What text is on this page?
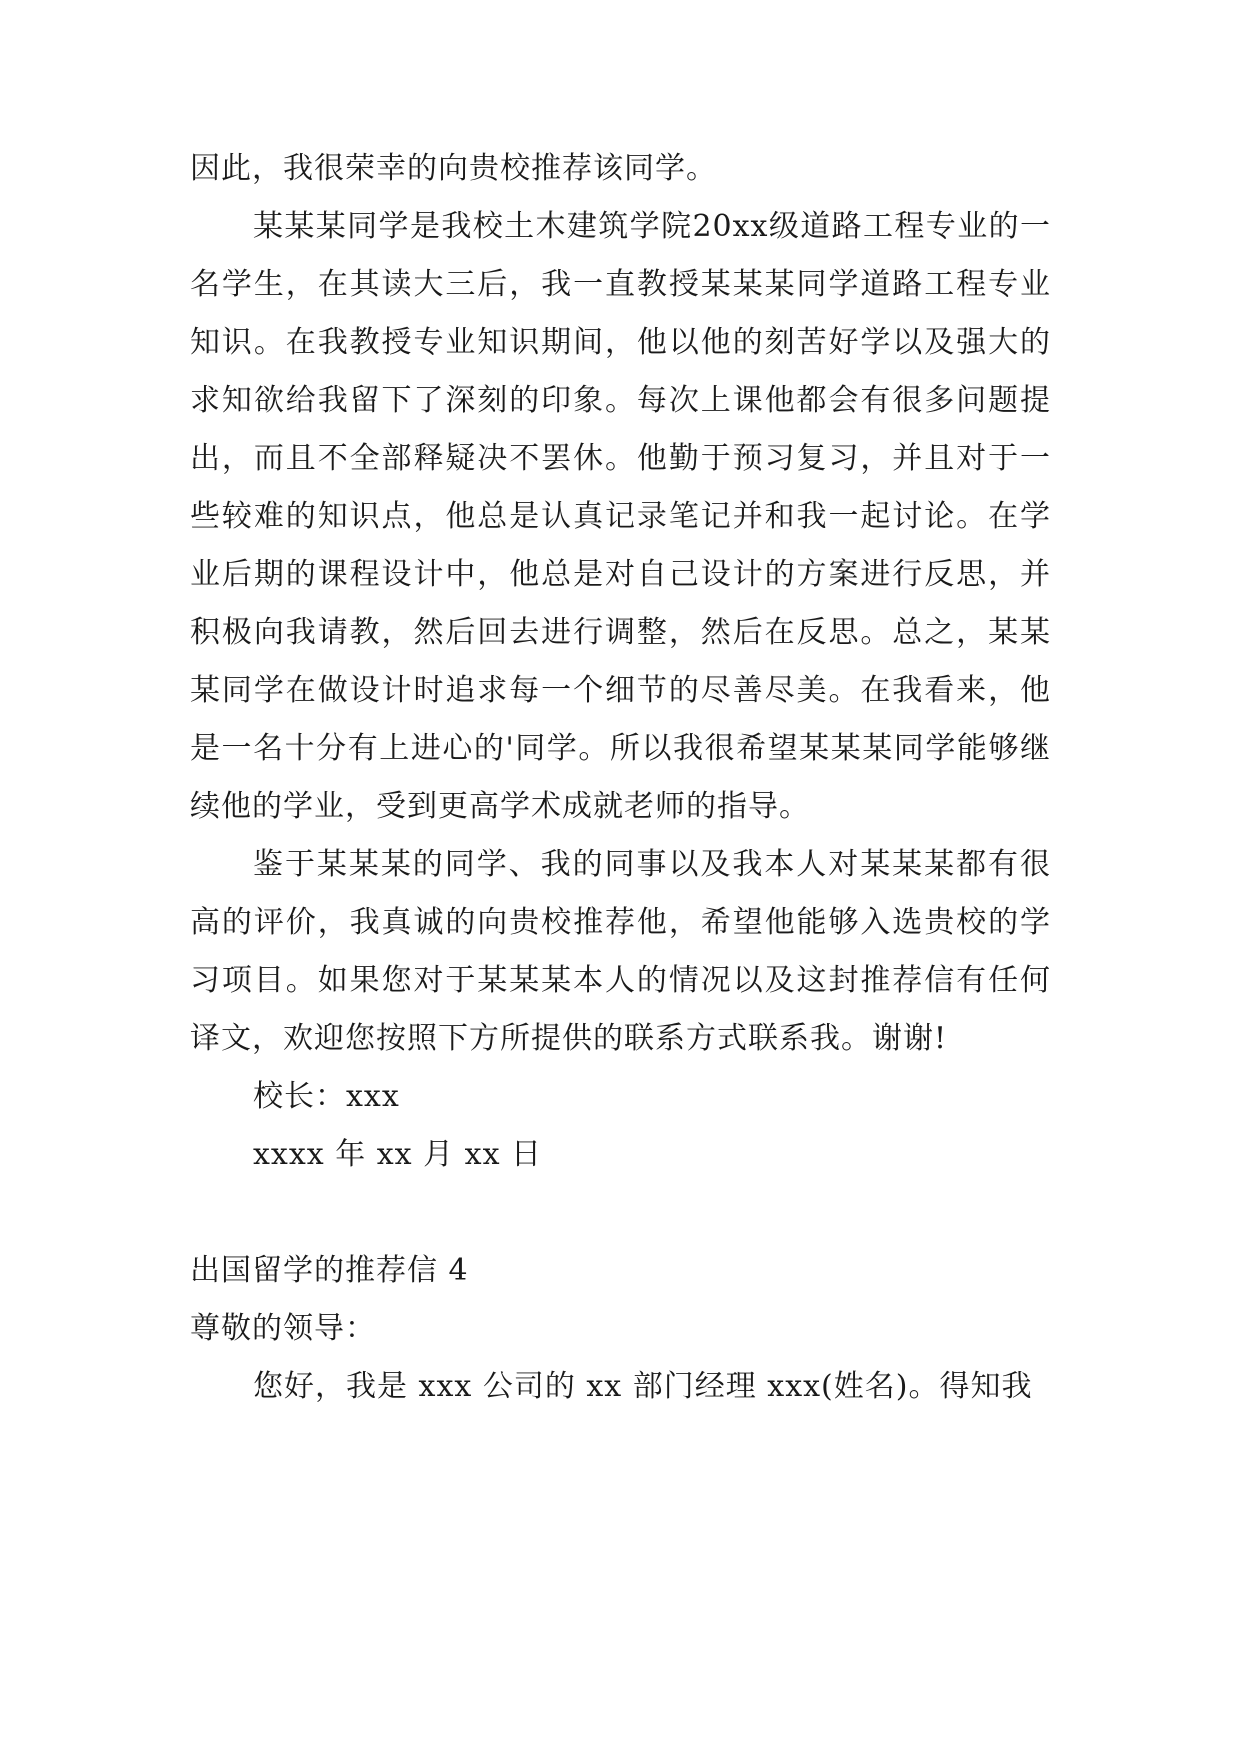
因此，我很荣幸的向贵校推荐该同学。

某某某同学是我校土木建筑学院20xx级道路工程专业的一名学生，在其读大三后，我一直教授某某某同学道路工程专业知识。在我教授专业知识期间，他以他的刻苦好学以及强大的求知欲给我留下了深刻的印象。每次上课他都会有很多问题提出，而且不全部释疑决不罢休。他勤于预习复习，并且对于一些较难的知识点，他总是认真记录笔记并和我一起讨论。在学业后期的课程设计中，他总是对自己设计的方案进行反思，并积极向我请教，然后回去进行调整，然后在反思。总之，某某某同学在做设计时追求每一个细节的尽善尽美。在我看来，他是一名十分有上进心的'同学。所以我很希望某某某同学能够继续他的学业，受到更高学术成就老师的指导。

鉴于某某某的同学、我的同事以及我本人对某某某都有很高的评价，我真诚的向贵校推荐他，希望他能够入选贵校的学习项目。如果您对于某某某本人的情况以及这封推荐信有任何译文，欢迎您按照下方所提供的联系方式联系我。谢谢!

校长：xxx

xxxx 年 xx 月 xx 日

出国留学的推荐信 4

尊敬的领导：

您好，我是 xxx 公司的 xx 部门经理 xxx(姓名)。得知我
